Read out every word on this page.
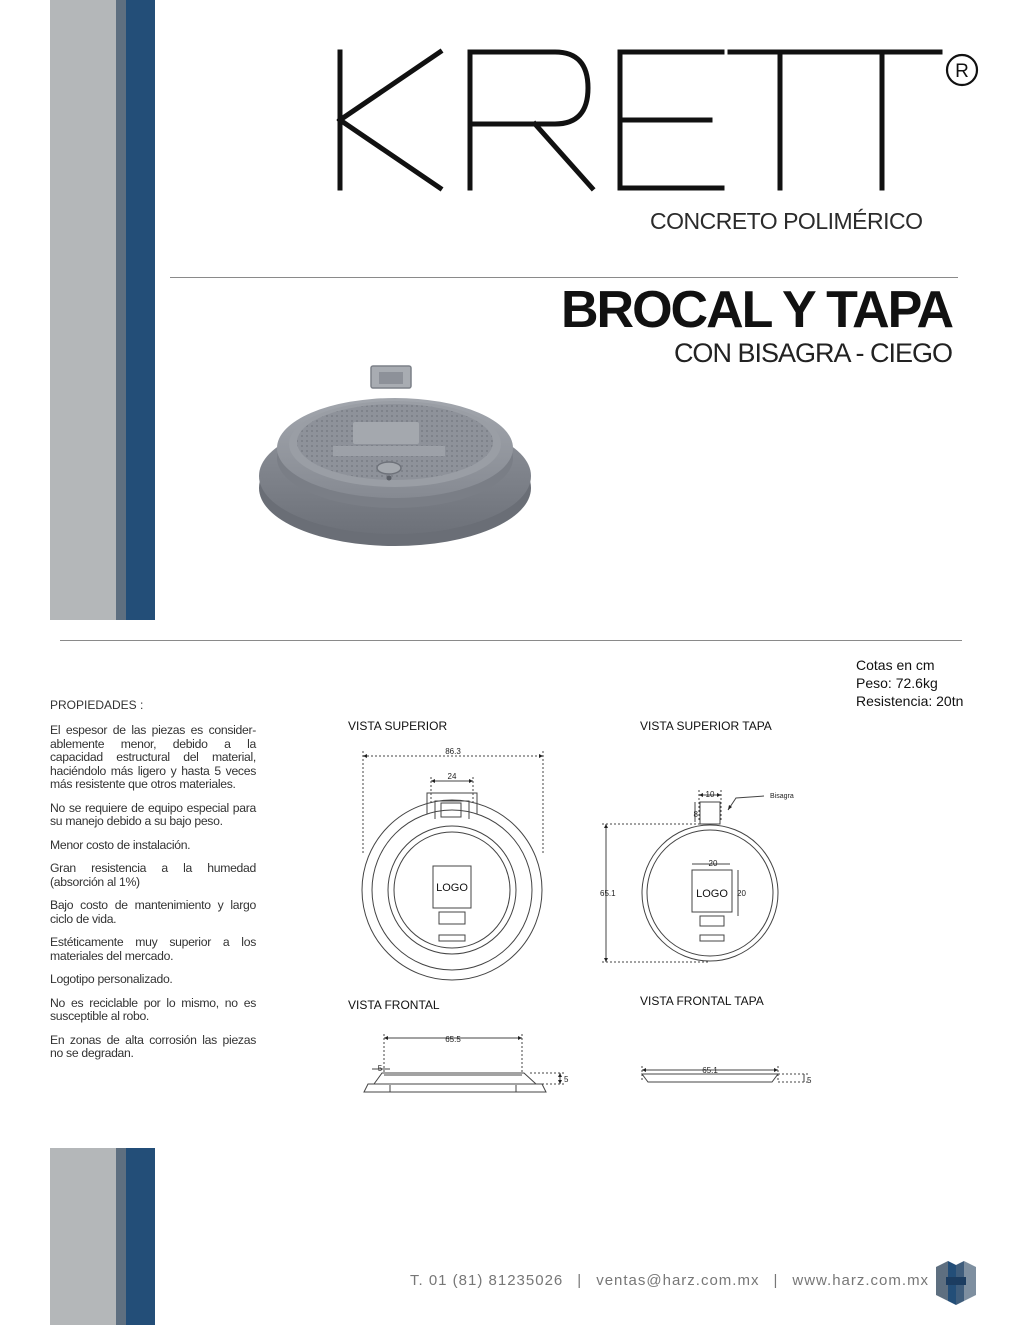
R
CONCRETO POLIMÉRICO
BROCAL Y TAPA
CON BISAGRA - CIEGO
Cotas en cm
Peso: 72.6kg
Resistencia: 20tn
PROPIEDADES :

El espesor de las piezas es consider-ablemente menor, debido a la capacidad estructural del material, haciéndolo más ligero y hasta 5 veces más resistente que otros materiales.

No se requiere de equipo especial para su manejo debido a su bajo peso.

Menor costo de instalación.

Gran resistencia a la humedad (absorción al 1%)

Bajo costo de mantenimiento y largo ciclo de vida.

Estéticamente muy superior a los materiales del mercado.

Logotipo personalizado.

No es reciclable por lo mismo, no es susceptible al robo.

En zonas de alta corrosión las piezas no se degradan.

VISTA SUPERIOR	VISTA SUPERIOR TAPA
VISTA FRONTAL	VISTA FRONTAL TAPA
86.3
24
LOGO
10
8
Bisagra
65.1
20
20
LOGO
65.5
5
5
65.1
5
T. 01 (81) 81235026 | ventas@harz.com.mx | www.harz.com.mx
